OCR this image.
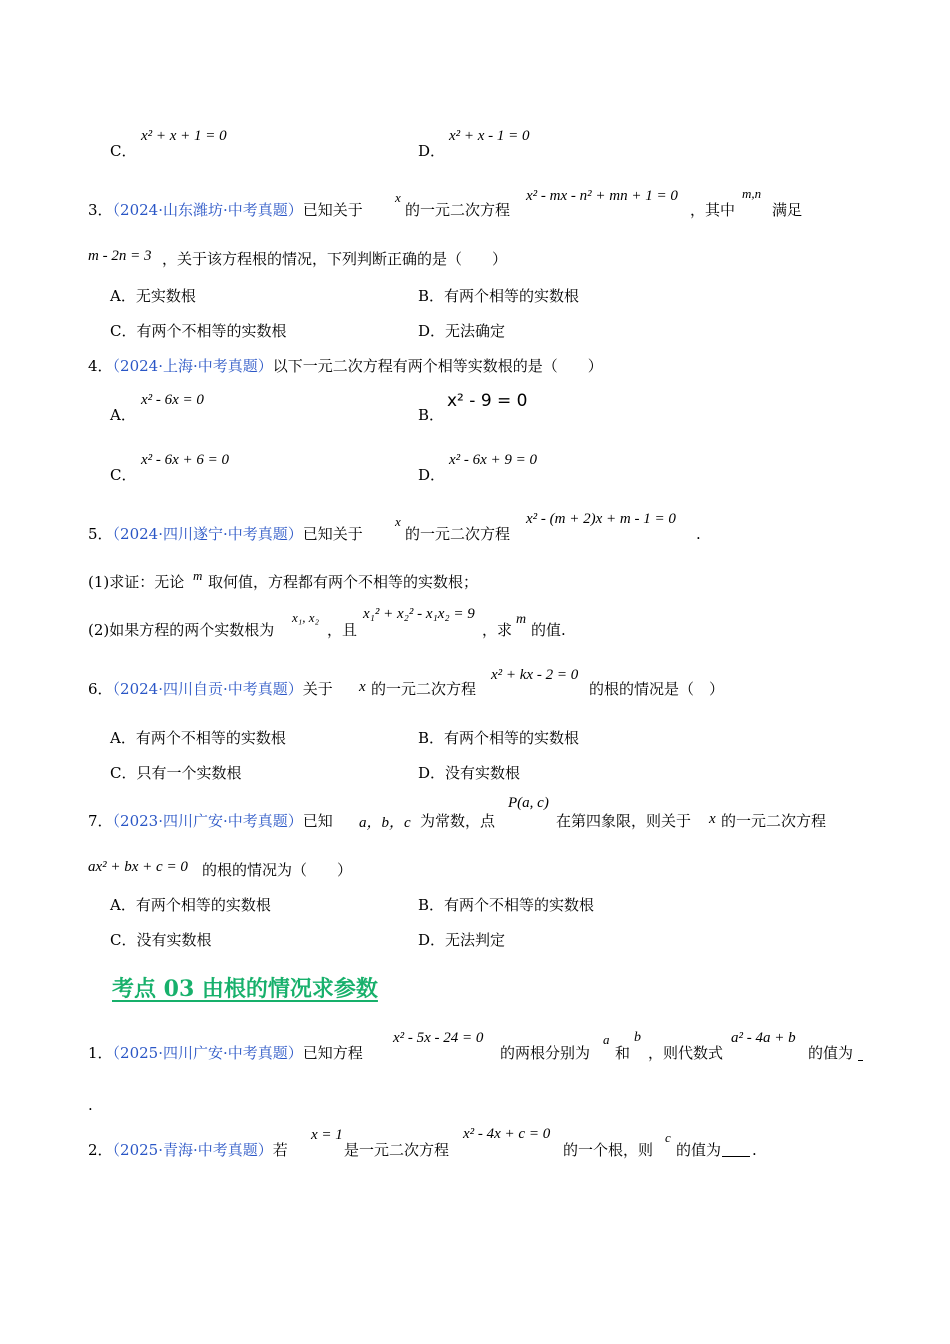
C．
x² + x + 1 = 0
D．
x² + x - 1 = 0
3．（2024·山东潍坊·中考真题）已知关于
x
的一元二次方程
x² - mx - n² + mn + 1 = 0
，其中
m,n
满足
m - 2n = 3 ，关于该方程根的情况，下列判断正确的是（　　）
A．无实数根	B．有两个相等的实数根
C．有两个不相等的实数根	D．无法确定
4．（2024·上海·中考真题）以下一元二次方程有两个相等实数根的是（　　）
A．
x² - 6x = 0
B．
x² - 9 = 0
C．
x² - 6x + 6 = 0
D．
x² - 6x + 9 = 0
5．（2024·四川遂宁·中考真题）已知关于
x
的一元二次方程
x² - (m + 2)x + m - 1 = 0
.
(1)求证：无论 m 取何值，方程都有两个不相等的实数根；
(2)如果方程的两个实数根为
x₁, x₂
，且
x₁² + x₂² - x₁x₂ = 9
，求
m
的值.
6．（2024·四川自贡·中考真题）关于 x 的一元二次方程
x² + kx - 2 = 0
的根的情况是（　）
A．有两个不相等的实数根	B．有两个相等的实数根
C．只有一个实数根	D．没有实数根
7．（2023·四川广安·中考真题）已知 a，b，c 为常数，点
P(a, c)
在第四象限，则关于 x 的一元二次方程
ax² + bx + c = 0 的根的情况为（　　）
A．有两个相等的实数根	B．有两个不相等的实数根
C．没有实数根	D．无法判定
考点 03 由根的情况求参数
1．（2025·四川广安·中考真题）已知方程
x² - 5x - 24 = 0
的两根分别为
a
和
b
，则代数式
a² - 4a + b
的值为
.
2．（2025·青海·中考真题）若
x = 1
是一元二次方程
x² - 4x + c = 0
的一个根，则
c
的值为 .
